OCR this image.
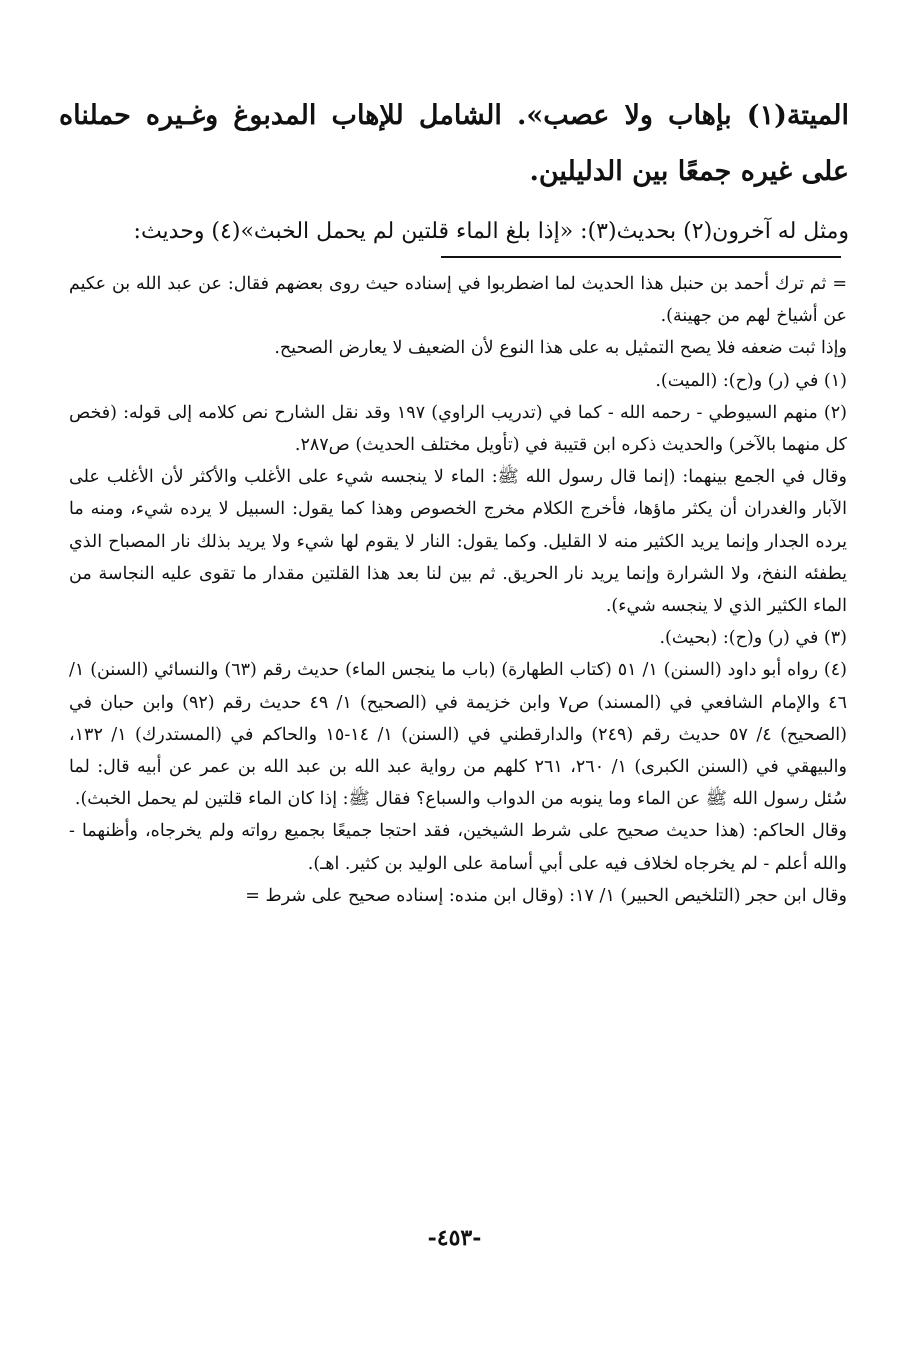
الميتة(١) بإهاب ولا عصب». الشامل للإهاب المدبوغ وغـيره حملناه على غيره جمعًا بين الدليلين.

ومثل له آخرون(٢) بحديث(٣): «إذا بلغ الماء قلتين لم يحمل الخبث»(٤) وحديث:

= ثم ترك أحمد بن حنبل هذا الحديث لما اضطربوا في إسناده حيث روى بعضهم فقال: عن عبد الله بن عكيم عن أشياخ لهم من جهينة).

وإذا ثبت ضعفه فلا يصح التمثيل به على هذا النوع لأن الضعيف لا يعارض الصحيح.

(١) في (ر) و(ح): (الميت).

(٢) منهم السيوطي - رحمه الله - كما في (تدريب الراوي) ١٩٧ وقد نقل الشارح نص كلامه إلى قوله: (فخص كل منهما بالآخر) والحديث ذكره ابن قتيبة في (تأويل مختلف الحديث) ص٢٨٧.

وقال في الجمع بينهما: (إنما قال رسول الله ﷺ: الماء لا ينجسه شيء على الأغلب والأكثر لأن الأغلب على الآبار والغدران أن يكثر ماؤها، فأخرج الكلام مخرج الخصوص وهذا كما يقول: السبيل لا يرده شيء، ومنه ما يرده الجدار وإنما يريد الكثير منه لا القليل. وكما يقول: النار لا يقوم لها شيء ولا يريد بذلك نار المصباح الذي يطفئه النفخ، ولا الشرارة وإنما يريد نار الحريق. ثم بين لنا بعد هذا القلتين مقدار ما تقوى عليه النجاسة من الماء الكثير الذي لا ينجسه شيء).

(٣) في (ر) و(ح): (بحيث).

(٤) رواه أبو داود (السنن) ١/ ٥١ (كتاب الطهارة) (باب ما ينجس الماء) حديث رقم (٦٣) والنسائي (السنن) ١/ ٤٦ والإمام الشافعي في (المسند) ص٧ وابن خزيمة في (الصحيح) ١/ ٤٩ حديث رقم (٩٢) وابن حبان في (الصحيح) ٤/ ٥٧ حديث رقم (٢٤٩) والدارقطني في (السنن) ١/ ١٤-١٥ والحاكم في (المستدرك) ١/ ١٣٢، والبيهقي في (السنن الكبرى) ١/ ٢٦٠، ٢٦١ كلهم من رواية عبد الله بن عبد الله بن عمر عن أبيه قال: لما سُئل رسول الله ﷺ عن الماء وما ينوبه من الدواب والسباع؟ فقال ﷺ: إذا كان الماء قلتين لم يحمل الخبث).

وقال الحاكم: (هذا حديث صحيح على شرط الشيخين، فقد احتجا جميعًا بجميع رواته ولم يخرجاه، وأظنهما - والله أعلم - لم يخرجاه لخلاف فيه على أبي أسامة على الوليد بن كثير. اهـ).

وقال ابن حجر (التلخيص الحبير) ١/ ١٧: (وقال ابن منده: إسناده صحيح على شرط =

-٤٥٣-
